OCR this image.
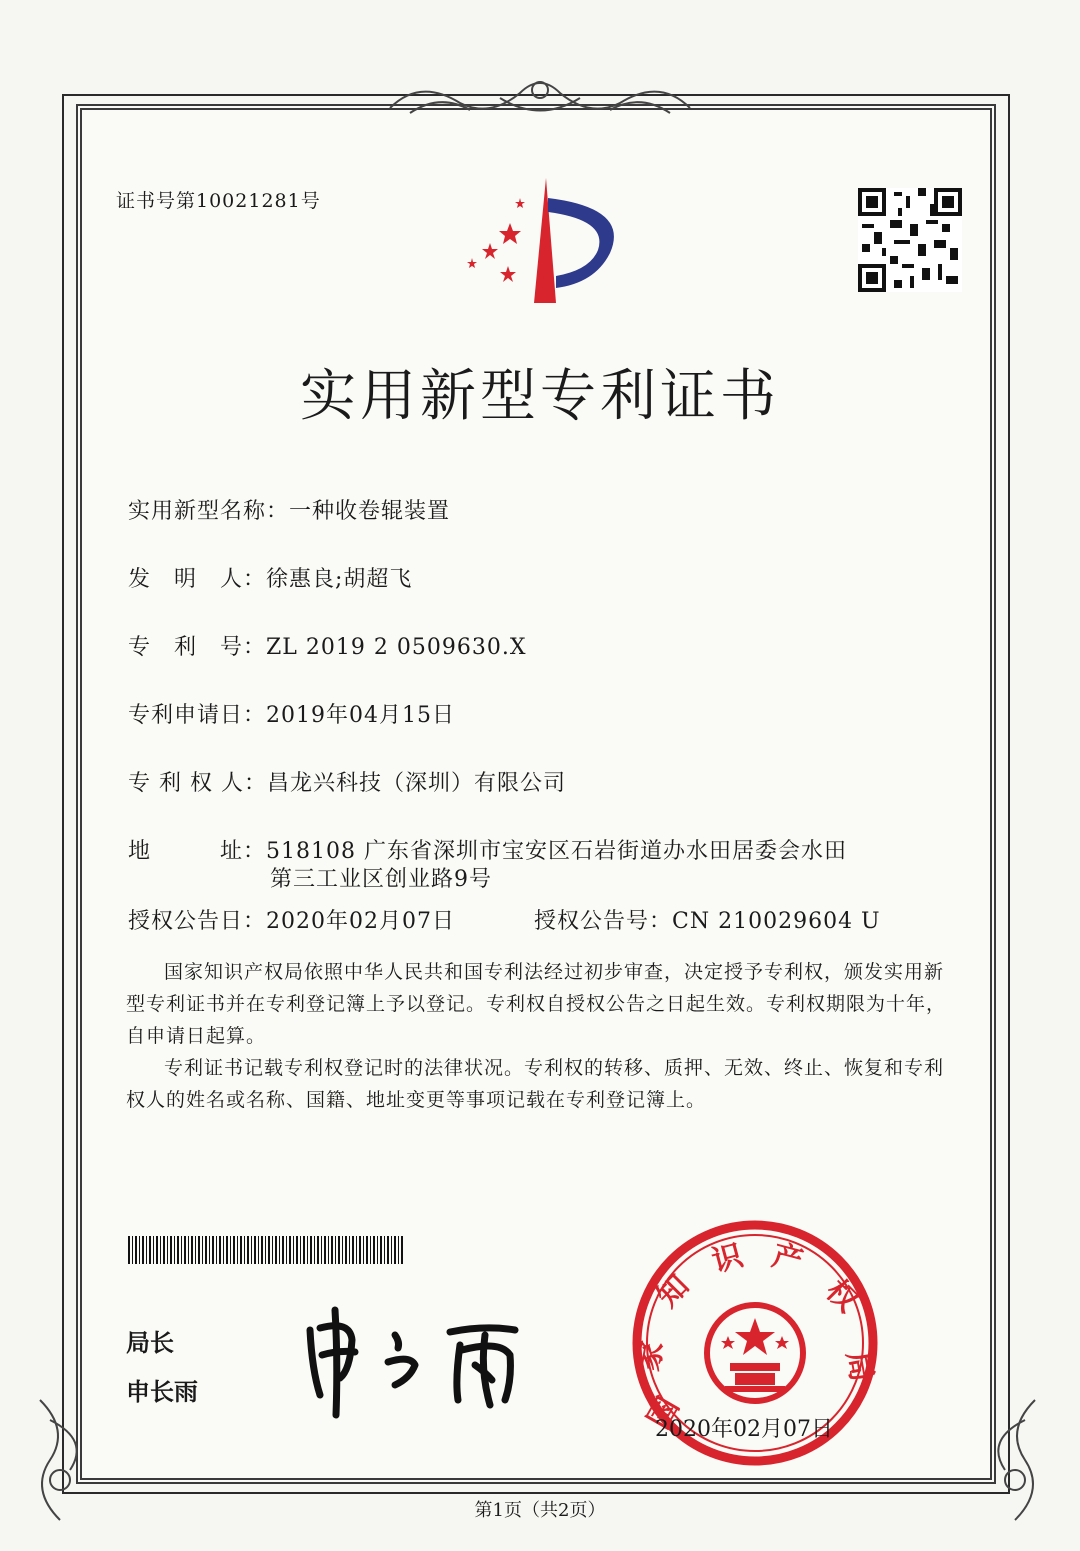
证书号第10021281号
实用新型专利证书
实用新型名称：一种收卷辊装置
发　明　人：徐惠良;胡超飞
专　利　号：ZL 2019 2 0509630.X
专利申请日：2019年04月15日
专 利 权 人：昌龙兴科技（深圳）有限公司
地　　　址：518108 广东省深圳市宝安区石岩街道办水田居委会水田
第三工业区创业路9号
授权公告日：2020年02月07日	授权公告号：CN 210029604 U
国家知识产权局依照中华人民共和国专利法经过初步审查，决定授予专利权，颁发实用新型专利证书并在专利登记簿上予以登记。专利权自授权公告之日起生效。专利权期限为十年，自申请日起算。
专利证书记载专利权登记时的法律状况。专利权的转移、质押、无效、终止、恢复和专利权人的姓名或名称、国籍、地址变更等事项记载在专利登记簿上。
局长
申长雨	国
家
知
识 产
权
局
2020年02月07日
第1页（共2页）
